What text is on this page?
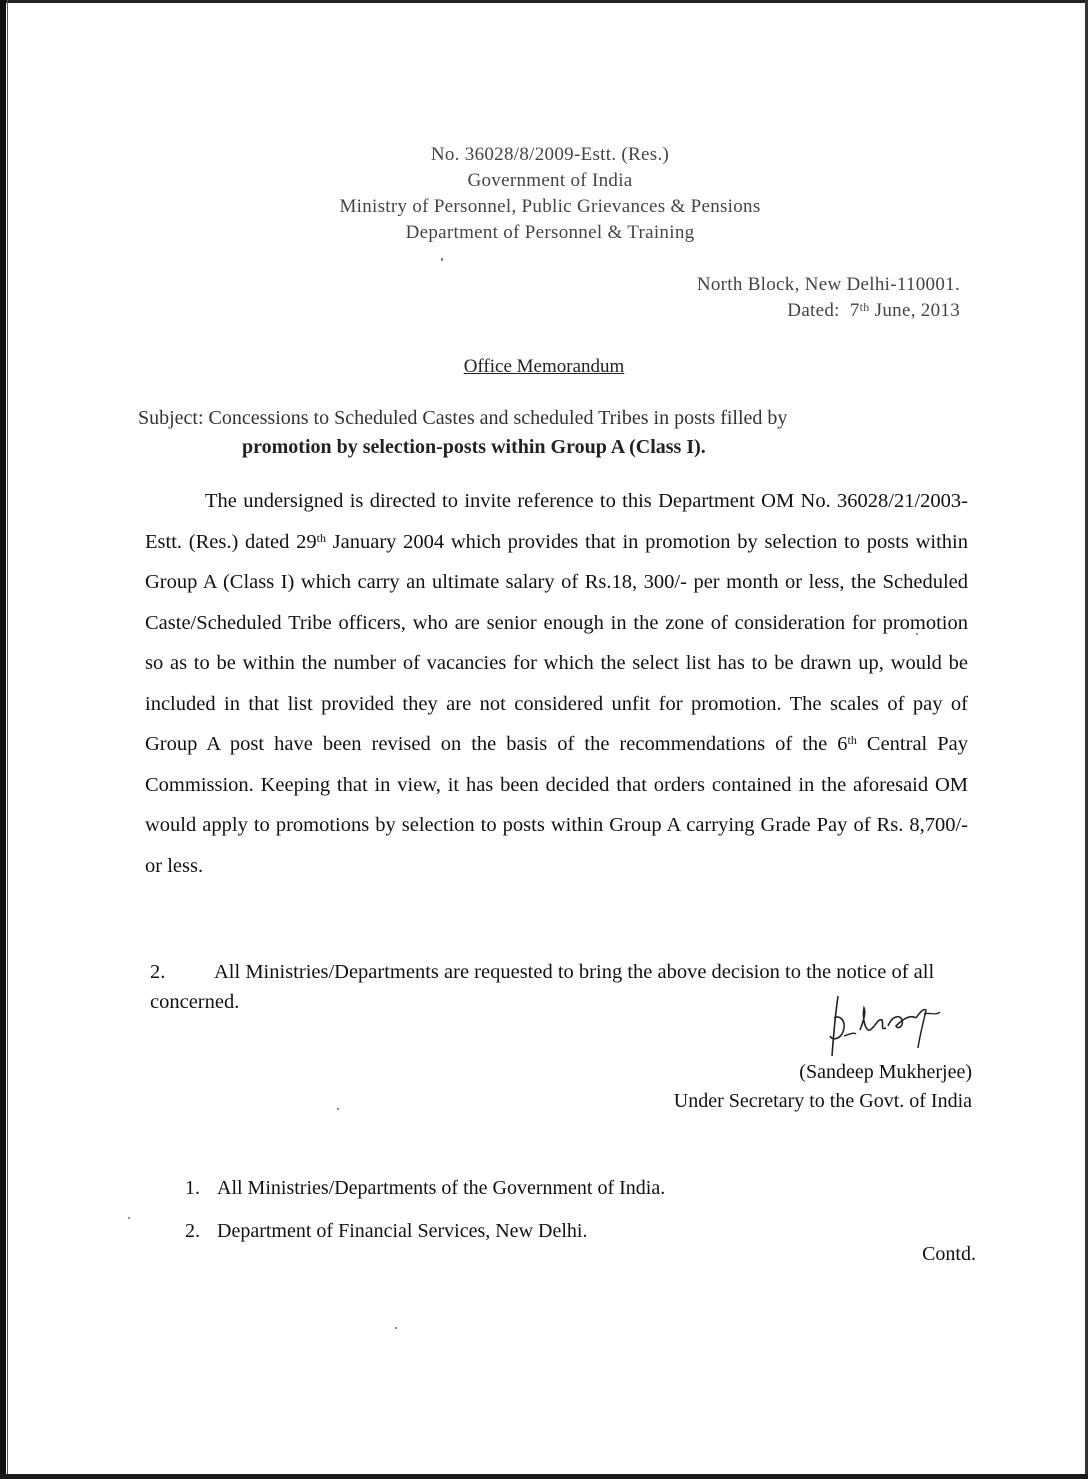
No. 36028/8/2009-Estt. (Res.)
Government of India
Ministry of Personnel, Public Grievances & Pensions
Department of Personnel & Training
North Block, New Delhi-110001.
Dated: 7th June, 2013
Office Memorandum
Subject: Concessions to Scheduled Castes and scheduled Tribes in posts filled by
promotion by selection-posts within Group A (Class I).
The undersigned is directed to invite reference to this Department OM No. 36028/21/2003-Estt. (Res.) dated 29th January 2004 which provides that in promotion by selection to posts within Group A (Class I) which carry an ultimate salary of Rs.18, 300/- per month or less, the Scheduled Caste/Scheduled Tribe officers, who are senior enough in the zone of consideration for promotion so as to be within the number of vacancies for which the select list has to be drawn up, would be included in that list provided they are not considered unfit for promotion. The scales of pay of Group A post have been revised on the basis of the recommendations of the 6th Central Pay Commission. Keeping that in view, it has been decided that orders contained in the aforesaid OM would apply to promotions by selection to posts within Group A carrying Grade Pay of Rs. 8,700/- or less.
2. All Ministries/Departments are requested to bring the above decision to the notice of all concerned.
(Sandeep Mukherjee)
Under Secretary to the Govt. of India
1. All Ministries/Departments of the Government of India.
2. Department of Financial Services, New Delhi.
Contd.
